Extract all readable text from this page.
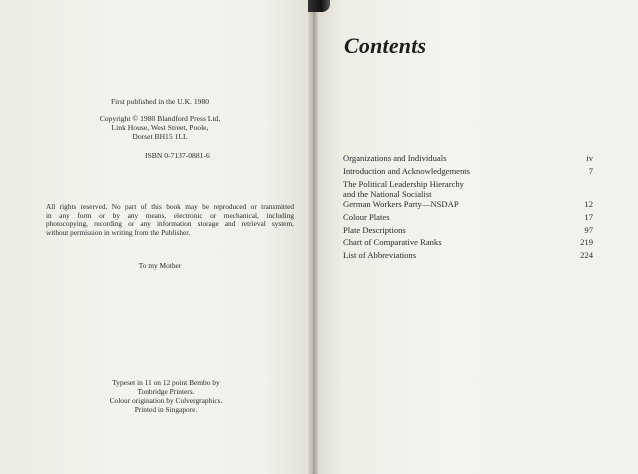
First published in the U.K. 1980
Copyright © 1980 Blandford Press Ltd,
Link House, West Street, Poole,
Dorset BH15 1LL
ISBN 0-7137-0881-6
All rights reserved. No part of this book may be reproduced or transmitted
in any form or by any means, electronic or mechanical, including
photocopying, recording or any information storage and retrieval system,
without permission in writing from the Publisher.
To my Mother
Typeset in 11 on 12 point Bembo by
Tonbridge Printers.
Colour origination by Culvergraphics.
Printed in Singapore.
Contents
Organizations and Individuals	iv
Introduction and Acknowledgements	7
The Political Leadership Hierarchy
and the National Socialist
German Workers Party—NSDAP	12
Colour Plates	17
Plate Descriptions	97
Chart of Comparative Ranks	219
List of Abbreviations	224
